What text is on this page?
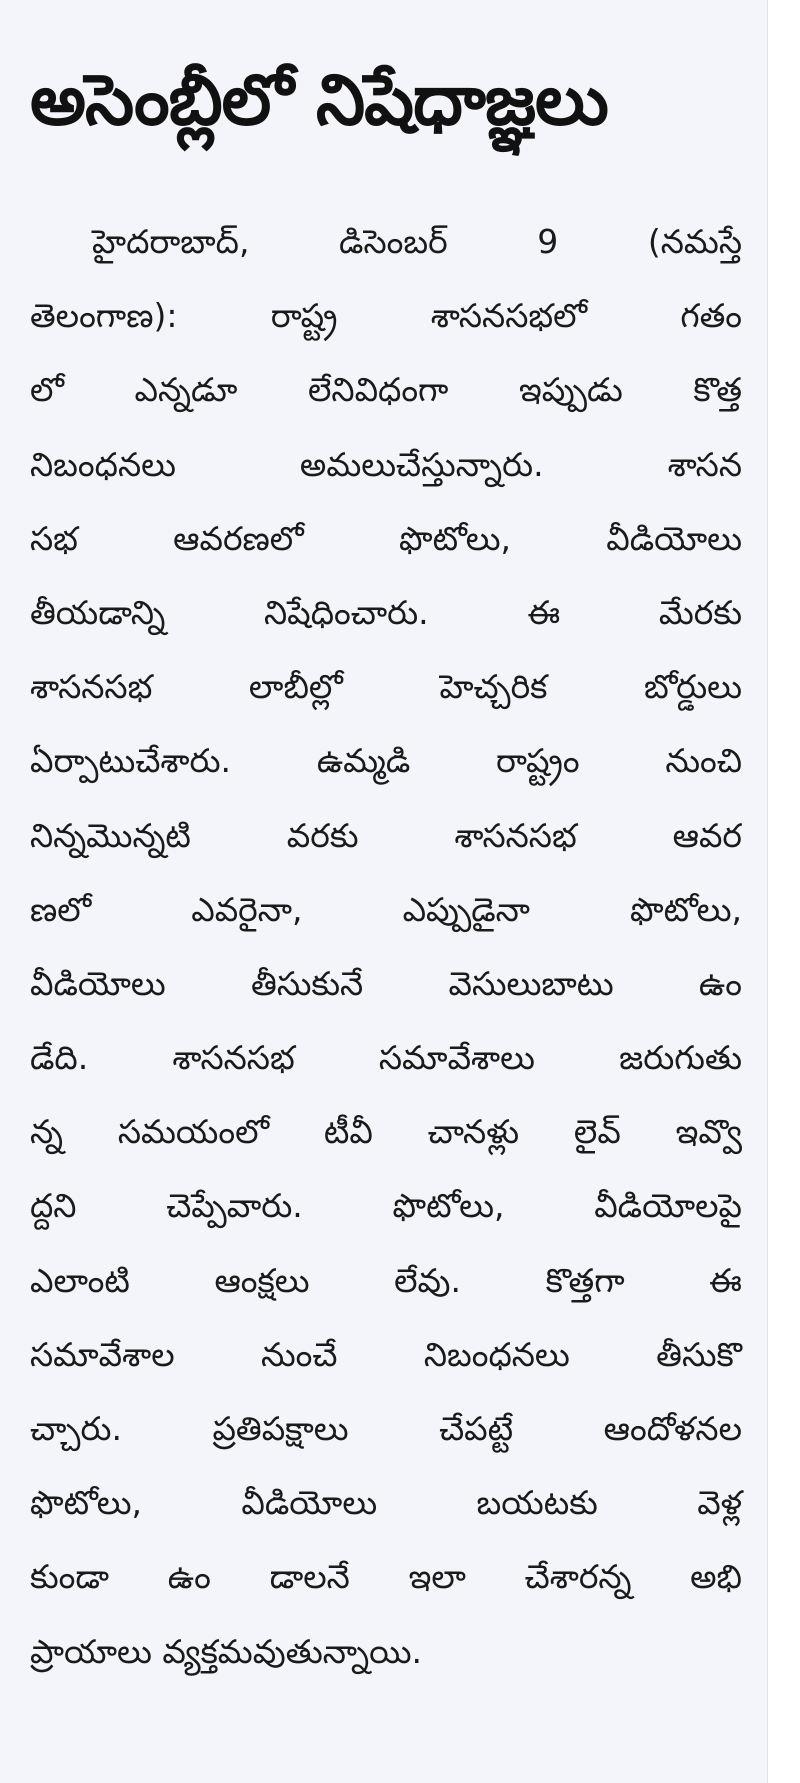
అసెంబ్లీలో నిషేధాజ్ఞలు
హైదరాబాద్, డిసెంబర్ 9 (నమస్తే
తెలంగాణ): రాష్ట్ర శాసనసభలో గతం
లో ఎన్నడూ లేనివిధంగా ఇప్పుడు కొత్త
నిబంధనలు అమలుచేస్తున్నారు. శాసన
సభ ఆవరణలో ఫొటోలు, వీడియోలు
తీయడాన్ని నిషేధించారు. ఈ మేరకు
శాసనసభ లాబీల్లో హెచ్చరిక బోర్డులు
ఏర్పాటుచేశారు. ఉమ్మడి రాష్ట్రం నుంచి
నిన్నమొన్నటి వరకు శాసనసభ ఆవర
ణలో ఎవరైనా, ఎప్పుడైనా ఫొటోలు,
వీడియోలు తీసుకునే వెసులుబాటు ఉం
డేది. శాసనసభ సమావేశాలు జరుగుతు
న్న సమయంలో టీవీ చానళ్లు లైవ్ ఇవ్వొ
ద్దని చెప్పేవారు. ఫొటోలు, వీడియోలపై
ఎలాంటి ఆంక్షలు లేవు. కొత్తగా ఈ
సమావేశాల నుంచే నిబంధనలు తీసుకొ
చ్చారు. ప్రతిపక్షాలు చేపట్టే ఆందోళనల
ఫొటోలు, వీడియోలు బయటకు వెళ్ల
కుండా ఉం డాలనే ఇలా చేశారన్న అభి
ప్రాయాలు వ్యక్తమవుతున్నాయి.
